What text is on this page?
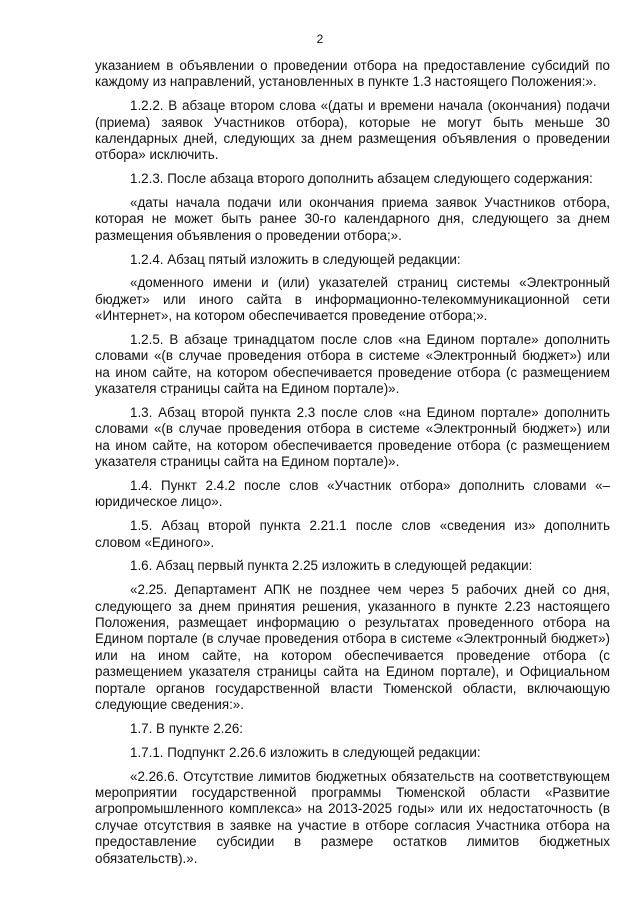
2

указанием в объявлении о проведении отбора на предоставление субсидий по каждому из направлений, установленных в пункте 1.3 настоящего Положения:».

1.2.2. В абзаце втором слова «(даты и времени начала (окончания) подачи (приема) заявок Участников отбора), которые не могут быть меньше 30 календарных дней, следующих за днем размещения объявления о проведении отбора» исключить.

1.2.3. После абзаца второго дополнить абзацем следующего содержания:

«даты начала подачи или окончания приема заявок Участников отбора, которая не может быть ранее 30-го календарного дня, следующего за днем размещения объявления о проведении отбора;».

1.2.4. Абзац пятый изложить в следующей редакции:

«доменного имени и (или) указателей страниц системы «Электронный бюджет» или иного сайта в информационно-телекоммуникационной сети «Интернет», на котором обеспечивается проведение отбора;».

1.2.5. В абзаце тринадцатом после слов «на Едином портале» дополнить словами «(в случае проведения отбора в системе «Электронный бюджет») или на ином сайте, на котором обеспечивается проведение отбора (с размещением указателя страницы сайта на Едином портале)».

1.3. Абзац второй пункта 2.3 после слов «на Едином портале» дополнить словами «(в случае проведения отбора в системе «Электронный бюджет») или на ином сайте, на котором обеспечивается проведение отбора (с размещением указателя страницы сайта на Едином портале)».

1.4. Пункт 2.4.2 после слов «Участник отбора» дополнить словами «– юридическое лицо».

1.5. Абзац второй пункта 2.21.1 после слов «сведения из» дополнить словом «Единого».

1.6. Абзац первый пункта 2.25 изложить в следующей редакции:

«2.25. Департамент АПК не позднее чем через 5 рабочих дней со дня, следующего за днем принятия решения, указанного в пункте 2.23 настоящего Положения, размещает информацию о результатах проведенного отбора на Едином портале (в случае проведения отбора в системе «Электронный бюджет») или на ином сайте, на котором обеспечивается проведение отбора (с размещением указателя страницы сайта на Едином портале), и Официальном портале органов государственной власти Тюменской области, включающую следующие сведения:».

1.7. В пункте 2.26:

1.7.1. Подпункт 2.26.6 изложить в следующей редакции:

«2.26.6. Отсутствие лимитов бюджетных обязательств на соответствующем мероприятии государственной программы Тюменской области «Развитие агропромышленного комплекса» на 2013-2025 годы» или их недостаточность (в случае отсутствия в заявке на участие в отборе согласия Участника отбора на предоставление субсидии в размере остатков лимитов бюджетных обязательств).».
